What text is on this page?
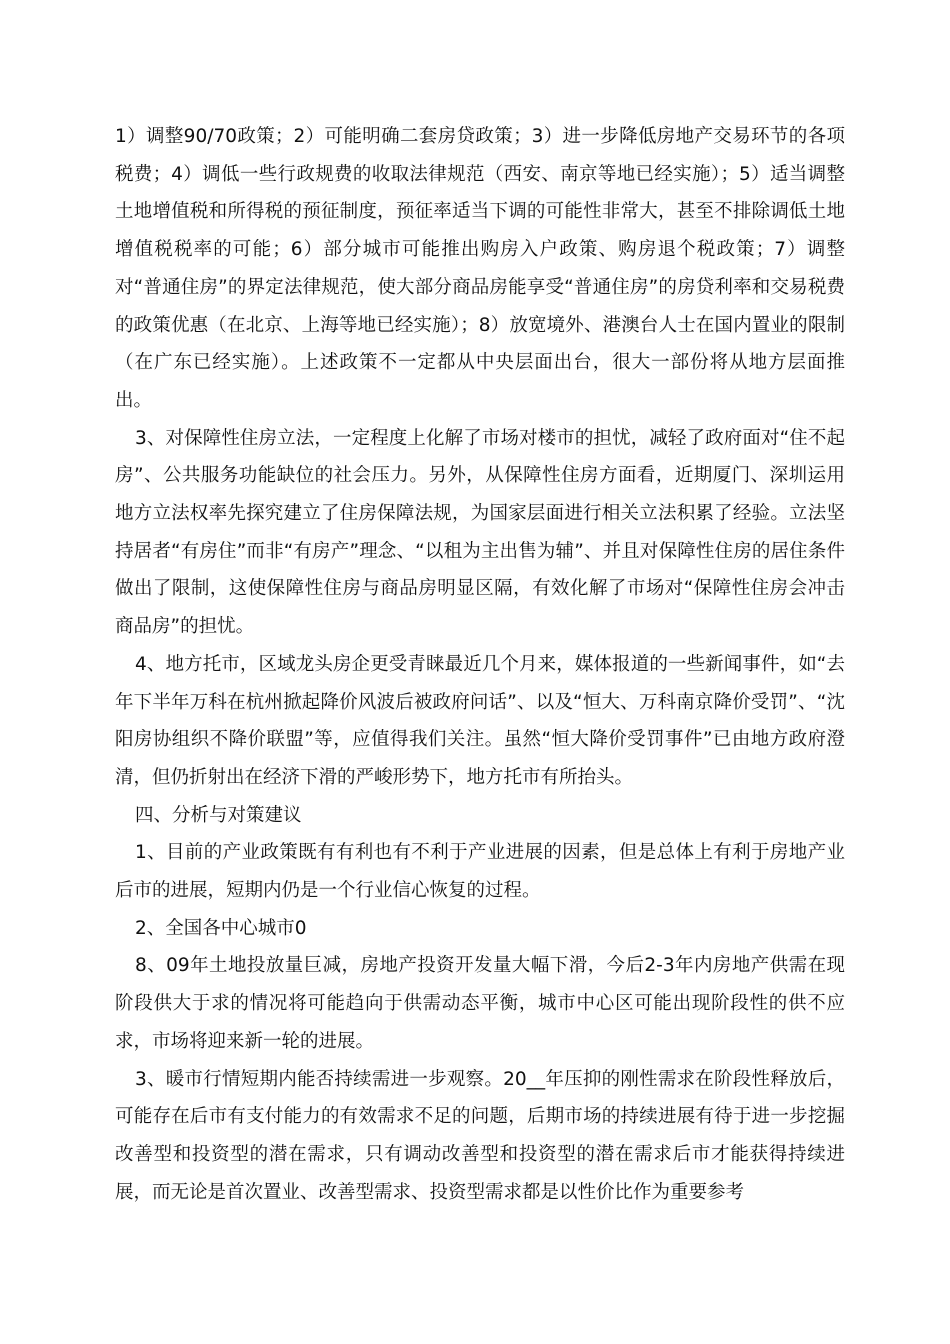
1）调整90/70政策；2）可能明确二套房贷政策；3）进一步降低房地产交易环节的各项税费；4）调低一些行政规费的收取法律规范（西安、南京等地已经实施）；5）适当调整土地增值税和所得税的预征制度，预征率适当下调的可能性非常大，甚至不排除调低土地增值税税率的可能；6）部分城市可能推出购房入户政策、购房退个税政策；7）调整对“普通住房”的界定法律规范，使大部分商品房能享受“普通住房”的房贷利率和交易税费的政策优惠（在北京、上海等地已经实施）；8）放宽境外、港澳台人士在国内置业的限制（在广东已经实施）。上述政策不一定都从中央层面出台，很大一部份将从地方层面推出。

3、对保障性住房立法，一定程度上化解了市场对楼市的担忧，减轻了政府面对“住不起房”、公共服务功能缺位的社会压力。另外，从保障性住房方面看，近期厦门、深圳运用地方立法权率先探究建立了住房保障法规，为国家层面进行相关立法积累了经验。立法坚持居者“有房住”而非“有房产”理念、“以租为主出售为辅”、并且对保障性住房的居住条件做出了限制，这使保障性住房与商品房明显区隔，有效化解了市场对“保障性住房会冲击商品房”的担忧。

4、地方托市，区域龙头房企更受青睐最近几个月来，媒体报道的一些新闻事件，如“去年下半年万科在杭州掀起降价风波后被政府问话”、以及“恒大、万科南京降价受罚”、“沈阳房协组织不降价联盟”等，应值得我们关注。虽然“恒大降价受罚事件”已由地方政府澄清，但仍折射出在经济下滑的严峻形势下，地方托市有所抬头。

四、分析与对策建议

1、目前的产业政策既有有利也有不利于产业进展的因素，但是总体上有利于房地产业后市的进展，短期内仍是一个行业信心恢复的过程。

2、全国各中心城市0

8、09年土地投放量巨减，房地产投资开发量大幅下滑，今后2-3年内房地产供需在现阶段供大于求的情况将可能趋向于供需动态平衡，城市中心区可能出现阶段性的供不应求，市场将迎来新一轮的进展。

3、暖市行情短期内能否持续需进一步观察。20__年压抑的刚性需求在阶段性释放后，可能存在后市有支付能力的有效需求不足的问题，后期市场的持续进展有待于进一步挖掘改善型和投资型的潜在需求，只有调动改善型和投资型的潜在需求后市才能获得持续进展，而无论是首次置业、改善型需求、投资型需求都是以性价比作为重要参考
